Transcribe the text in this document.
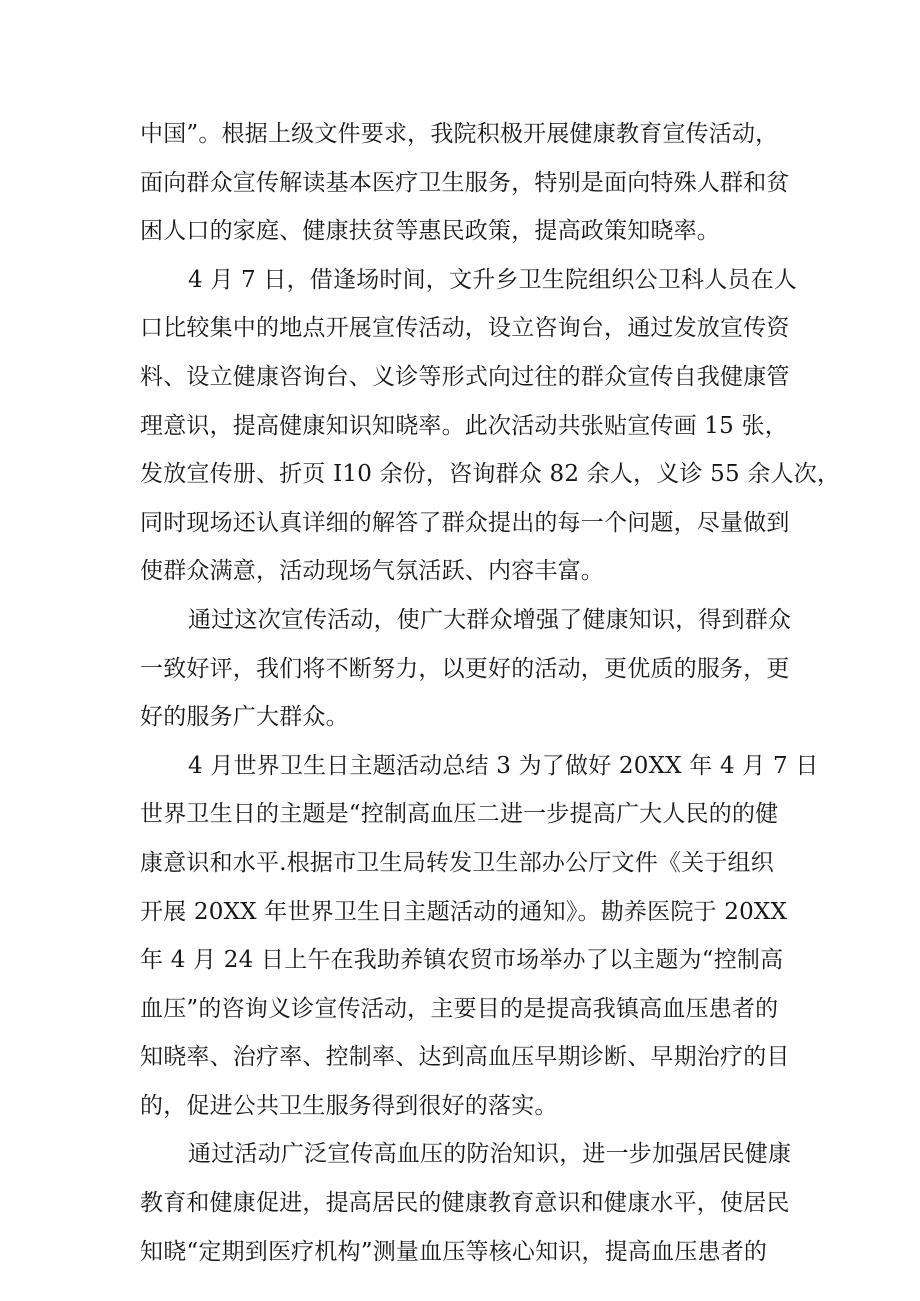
中国”。根据上级文件要求，我院积极开展健康教育宣传活动，
面向群众宣传解读基本医疗卫生服务，特别是面向特殊人群和贫
困人口的家庭、健康扶贫等惠民政策，提高政策知晓率。
4 月 7 日，借逢场时间，文升乡卫生院组织公卫科人员在人
口比较集中的地点开展宣传活动，设立咨询台，通过发放宣传资
料、设立健康咨询台、义诊等形式向过往的群众宣传自我健康管
理意识，提高健康知识知晓率。此次活动共张贴宣传画 15 张，
发放宣传册、折页 I10 余份，咨询群众 82 余人，义诊 55 余人次，
同时现场还认真详细的解答了群众提出的每一个问题，尽量做到
使群众满意，活动现场气氛活跃、内容丰富。
通过这次宣传活动，使广大群众增强了健康知识，得到群众
一致好评，我们将不断努力，以更好的活动，更优质的服务，更
好的服务广大群众。
4 月世界卫生日主题活动总结 3 为了做好 20XX 年 4 月 7 日
世界卫生日的主题是“控制高血压二进一步提高广大人民的的健
康意识和水平.根据市卫生局转发卫生部办公厅文件《关于组织
开展 20XX 年世界卫生日主题活动的通知》。勘养医院于 20XX
年 4 月 24 日上午在我助养镇农贸市场举办了以主题为“控制高
血压”的咨询义诊宣传活动，主要目的是提高我镇高血压患者的
知晓率、治疗率、控制率、达到高血压早期诊断、早期治疗的目
的，促进公共卫生服务得到很好的落实。
通过活动广泛宣传高血压的防治知识，进一步加强居民健康
教育和健康促进，提高居民的健康教育意识和健康水平，使居民
知晓“定期到医疗机构”测量血压等核心知识，提高血压患者的
